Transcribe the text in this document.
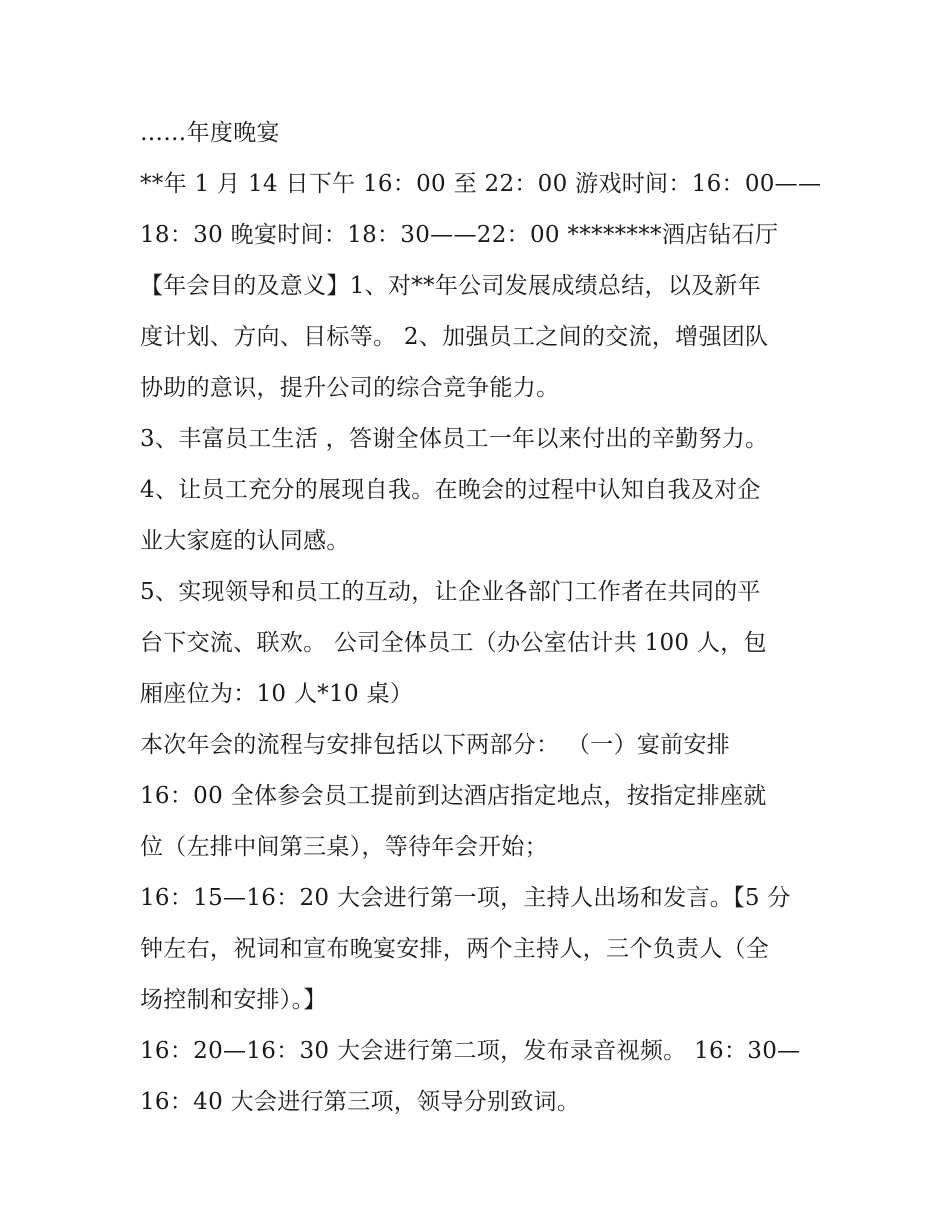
……年度晚宴
**年 1 月 14 日下午 16：00 至 22：00 游戏时间：16：00——
18：30 晚宴时间：18：30——22：00 ********酒店钻石厅
【年会目的及意义】1、对**年公司发展成绩总结，以及新年
度计划、方向、目标等。 2、加强员工之间的交流，增强团队
协助的意识，提升公司的综合竞争能力。
3、丰富员工生活 ，答谢全体员工一年以来付出的辛勤努力。
4、让员工充分的展现自我。在晚会的过程中认知自我及对企
业大家庭的认同感。
5、实现领导和员工的互动，让企业各部门工作者在共同的平
台下交流、联欢。 公司全体员工（办公室估计共 100 人，包
厢座位为：10 人*10 桌）
本次年会的流程与安排包括以下两部分： （一）宴前安排
16：00 全体参会员工提前到达酒店指定地点，按指定排座就
位（左排中间第三桌），等待年会开始；
16：15—16：20 大会进行第一项，主持人出场和发言。【5 分
钟左右，祝词和宣布晚宴安排，两个主持人，三个负责人（全
场控制和安排）。】
16：20—16：30 大会进行第二项，发布录音视频。 16：30—
16：40 大会进行第三项，领导分别致词。
